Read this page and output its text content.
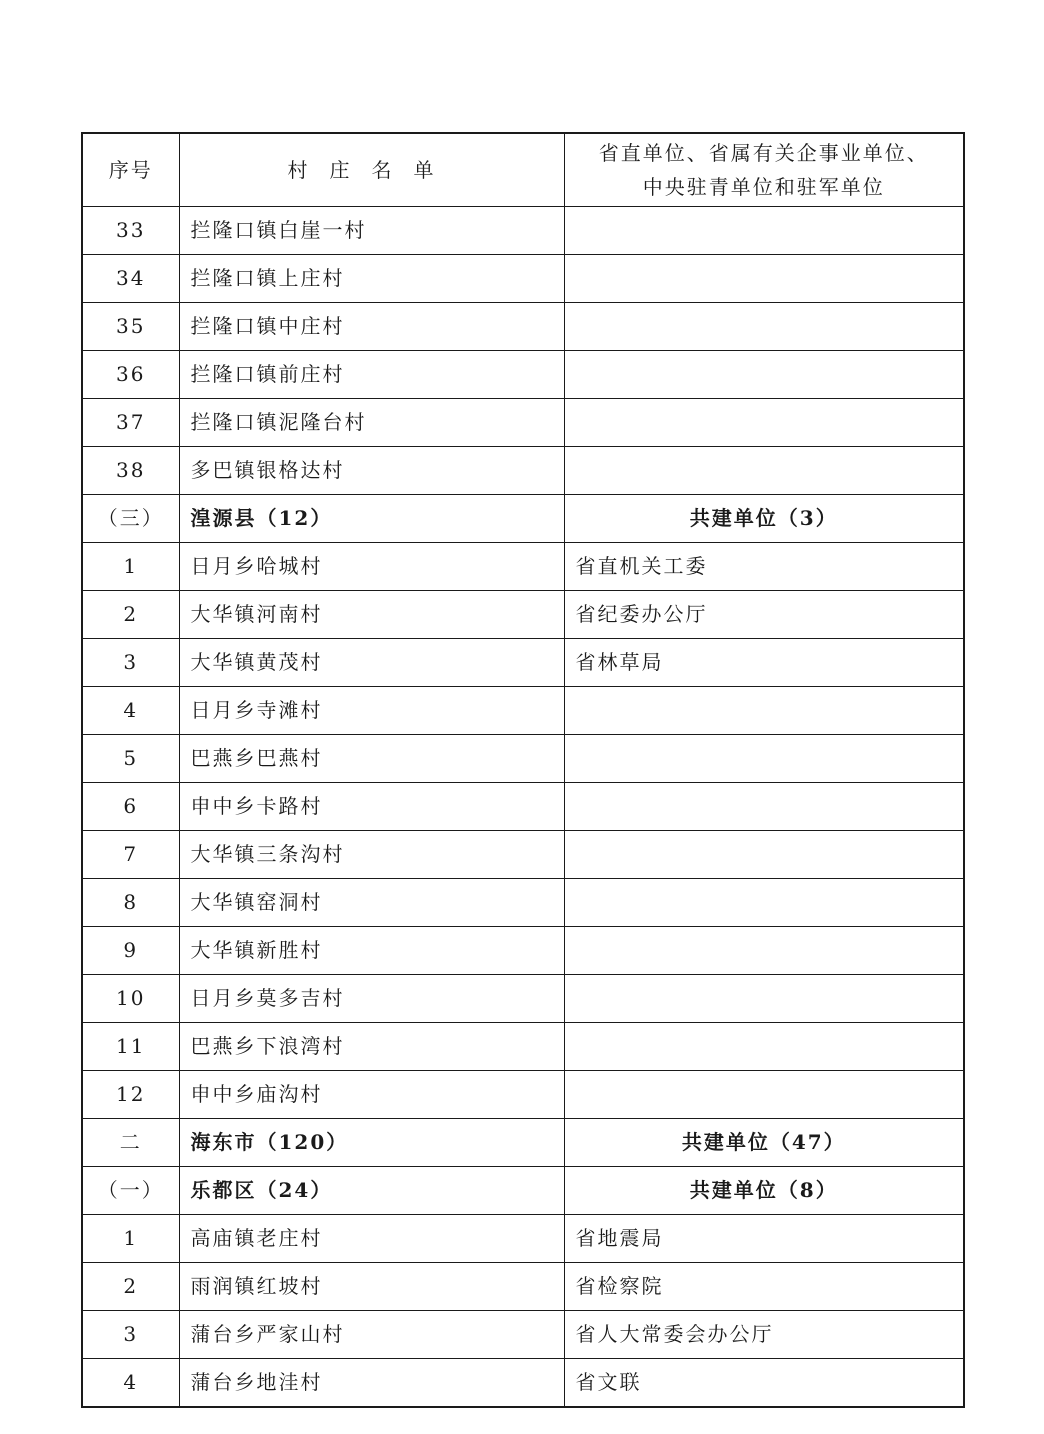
序号	村庄名单	省直单位、省属有关企事业单位、
中央驻青单位和驻军单位

33	拦隆口镇白崖一村	
34	拦隆口镇上庄村	
35	拦隆口镇中庄村	
36	拦隆口镇前庄村	
37	拦隆口镇泥隆台村	
38	多巴镇银格达村	
（三）	湟源县（12）	共建单位（3）
1	日月乡哈城村	省直机关工委
2	大华镇河南村	省纪委办公厅
3	大华镇黄茂村	省林草局
4	日月乡寺滩村	
5	巴燕乡巴燕村	
6	申中乡卡路村	
7	大华镇三条沟村	
8	大华镇窑洞村	
9	大华镇新胜村	
10	日月乡莫多吉村	
11	巴燕乡下浪湾村	
12	申中乡庙沟村	
二	海东市（120）	共建单位（47）
（一）	乐都区（24）	共建单位（8）
1	高庙镇老庄村	省地震局
2	雨润镇红坡村	省检察院
3	蒲台乡严家山村	省人大常委会办公厅
4	蒲台乡地洼村	省文联
